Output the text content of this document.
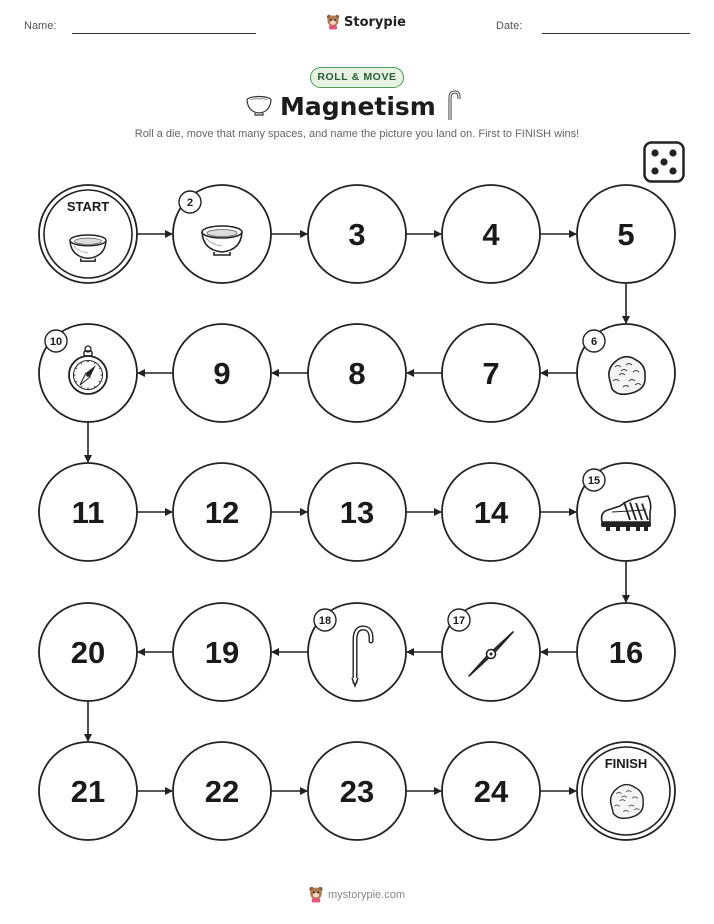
Name:	Storypie	Date:
ROLL & MOVE
Magnetism
Roll a die, move that many spaces, and name the picture you land on. First to FINISH wins!
START	2
3	4	5
6
7
8
9
10
11	12	13	14
15
16
17
18
19
20
21	22	23	24
FINISH
mystorypie.com
